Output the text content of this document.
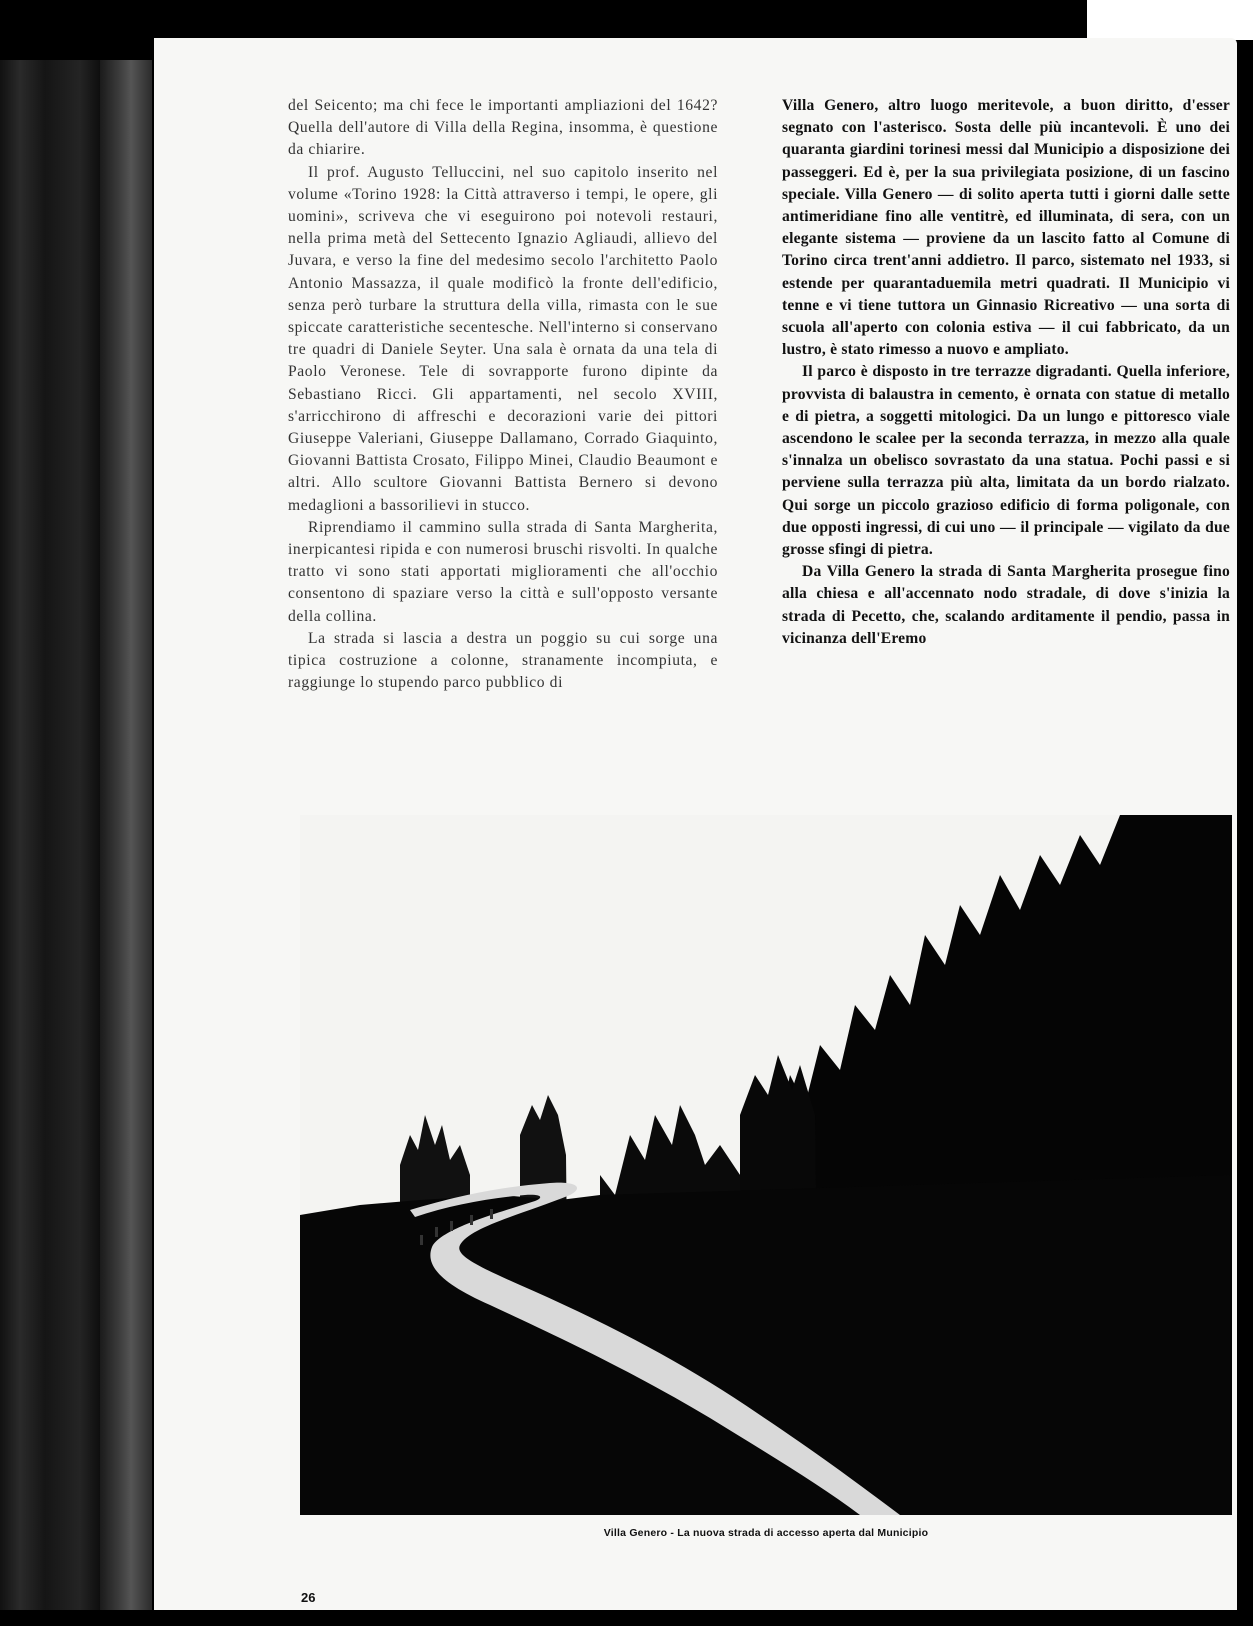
del Seicento; ma chi fece le importanti ampliazioni del 1642? Quella dell'autore di Villa della Regina, insomma, è questione da chiarire.

Il prof. Augusto Telluccini, nel suo capitolo inserito nel volume «Torino 1928: la Città attraverso i tempi, le opere, gli uomini», scriveva che vi eseguirono poi notevoli restauri, nella prima metà del Settecento Ignazio Agliaudi, allievo del Juvara, e verso la fine del medesimo secolo l'architetto Paolo Antonio Massazza, il quale modificò la fronte dell'edificio, senza però turbare la struttura della villa, rimasta con le sue spiccate caratteristiche secentesche. Nell'interno si conservano tre quadri di Daniele Seyter. Una sala è ornata da una tela di Paolo Veronese. Tele di sovrapporte furono dipinte da Sebastiano Ricci. Gli appartamenti, nel secolo XVIII, s'arricchirono di affreschi e decorazioni varie dei pittori Giuseppe Valeriani, Giuseppe Dallamano, Corrado Giaquinto, Giovanni Battista Crosato, Filippo Minei, Claudio Beaumont e altri. Allo scultore Giovanni Battista Bernero si devono medaglioni a bassorilievi in stucco.

Riprendiamo il cammino sulla strada di Santa Margherita, inerpicantesi ripida e con numerosi bruschi risvolti. In qualche tratto vi sono stati apportati miglioramenti che all'occhio consentono di spaziare verso la città e sull'opposto versante della collina.

La strada si lascia a destra un poggio su cui sorge una tipica costruzione a colonne, stranamente incompiuta, e raggiunge lo stupendo parco pubblico di

Villa Genero, altro luogo meritevole, a buon diritto, d'esser segnato con l'asterisco. Sosta delle più incantevoli. È uno dei quaranta giardini torinesi messi dal Municipio a disposizione dei passeggeri. Ed è, per la sua privilegiata posizione, di un fascino speciale. Villa Genero — di solito aperta tutti i giorni dalle sette antimeridiane fino alle ventitrè, ed illuminata, di sera, con un elegante sistema — proviene da un lascito fatto al Comune di Torino circa trent'anni addietro. Il parco, sistemato nel 1933, si estende per quarantaduemila metri quadrati. Il Municipio vi tenne e vi tiene tuttora un Ginnasio Ricreativo — una sorta di scuola all'aperto con colonia estiva — il cui fabbricato, da un lustro, è stato rimesso a nuovo e ampliato.

Il parco è disposto in tre terrazze digradanti. Quella inferiore, provvista di balaustra in cemento, è ornata con statue di metallo e di pietra, a soggetti mitologici. Da un lungo e pittoresco viale ascendono le scalee per la seconda terrazza, in mezzo alla quale s'innalza un obelisco sovrastato da una statua. Pochi passi e si perviene sulla terrazza più alta, limitata da un bordo rialzato. Qui sorge un piccolo grazioso edificio di forma poligonale, con due opposti ingressi, di cui uno — il principale — vigilato da due grosse sfingi di pietra.

Da Villa Genero la strada di Santa Margherita prosegue fino alla chiesa e all'accennato nodo stradale, di dove s'inizia la strada di Pecetto, che, scalando arditamente il pendio, passa in vicinanza dell'Eremo

Villa Genero - La nuova strada di accesso aperta dal Municipio
26
